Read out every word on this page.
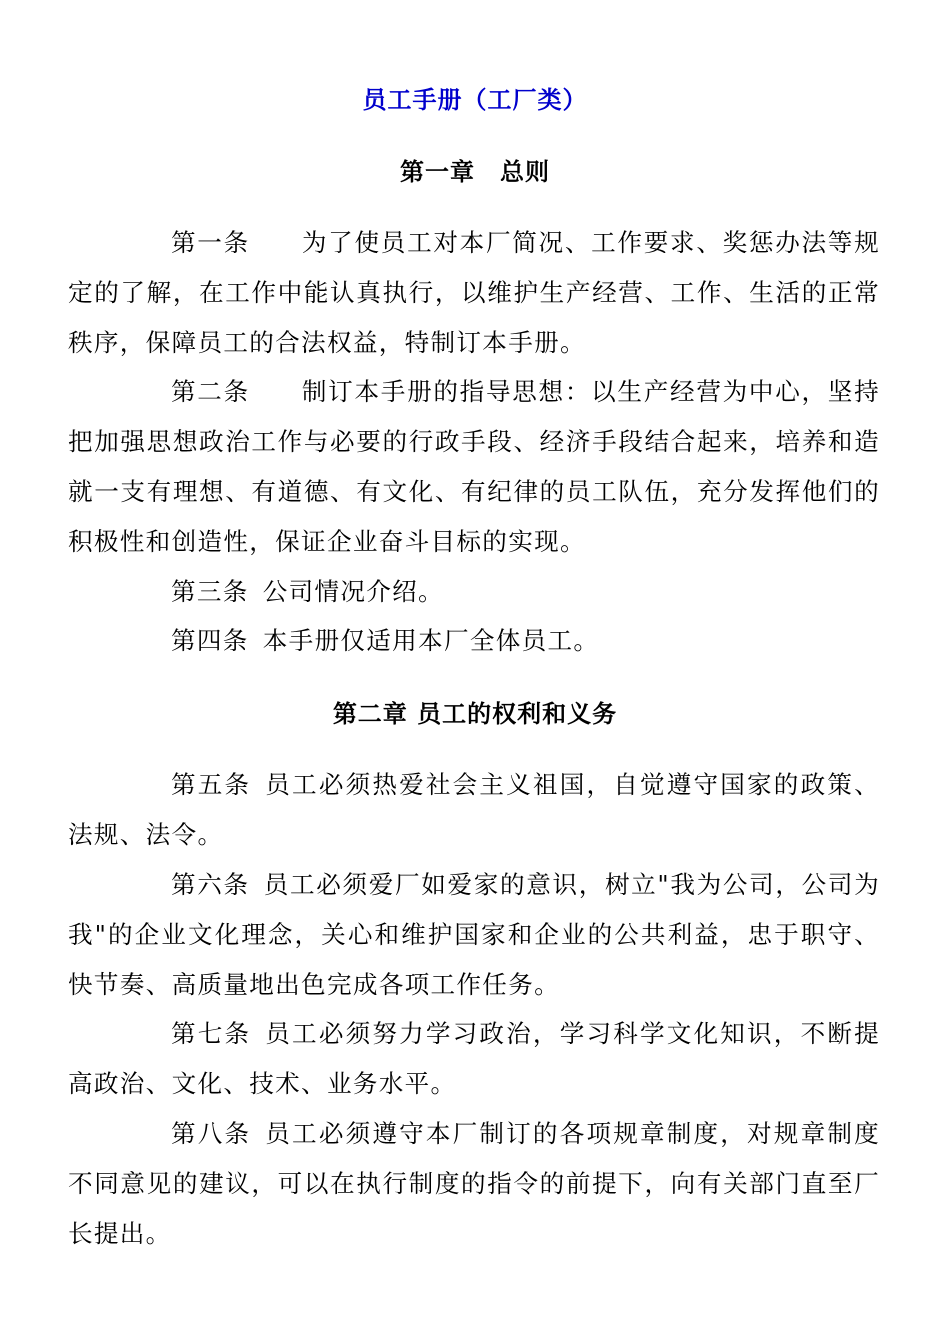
员工手册（工厂类）
第一章　总则

第一条 为了使员工对本厂简况、工作要求、奖惩办法等规定的了解，在工作中能认真执行，以维护生产经营、工作、生活的正常秩序，保障员工的合法权益，特制订本手册。

第二条 制订本手册的指导思想：以生产经营为中心，坚持把加强思想政治工作与必要的行政手段、经济手段结合起来，培养和造就一支有理想、有道德、有文化、有纪律的员工队伍，充分发挥他们的积极性和创造性，保证企业奋斗目标的实现。

第三条 公司情况介绍。

第四条 本手册仅适用本厂全体员工。

第二章 员工的权利和义务

第五条 员工必须热爱社会主义祖国，自觉遵守国家的政策、法规、法令。

第六条 员工必须爱厂如爱家的意识，树立"我为公司，公司为我"的企业文化理念，关心和维护国家和企业的公共利益，忠于职守、快节奏、高质量地出色完成各项工作任务。

第七条 员工必须努力学习政治，学习科学文化知识，不断提高政治、文化、技术、业务水平。

第八条 员工必须遵守本厂制订的各项规章制度，对规章制度不同意见的建议，可以在执行制度的指令的前提下，向有关部门直至厂长提出。
